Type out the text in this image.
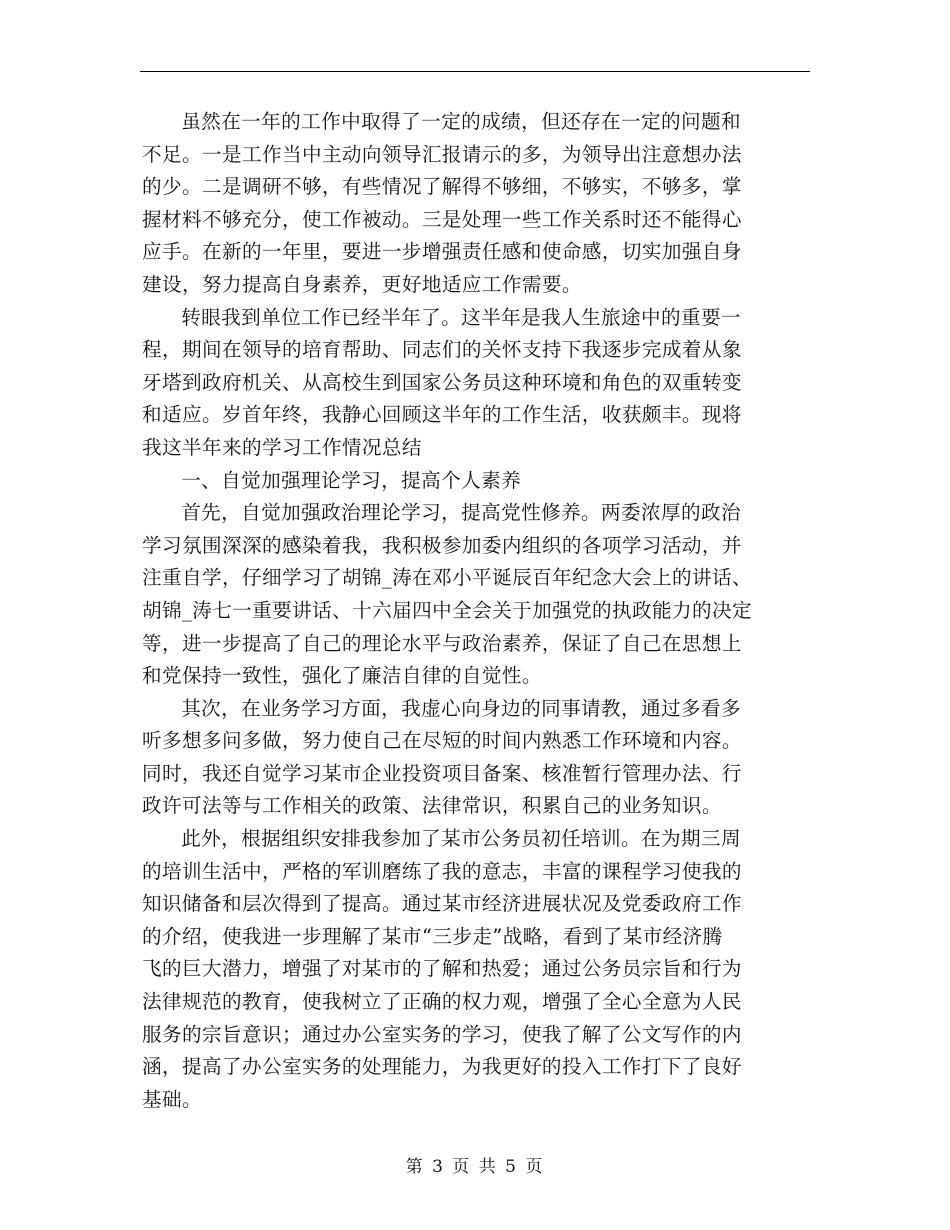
虽然在一年的工作中取得了一定的成绩，但还存在一定的问题和
不足。一是工作当中主动向领导汇报请示的多，为领导出注意想办法
的少。二是调研不够，有些情况了解得不够细，不够实，不够多，掌
握材料不够充分，使工作被动。三是处理一些工作关系时还不能得心
应手。在新的一年里，要进一步增强责任感和使命感，切实加强自身
建设，努力提高自身素养，更好地适应工作需要。

转眼我到单位工作已经半年了。这半年是我人生旅途中的重要一
程，期间在领导的培育帮助、同志们的关怀支持下我逐步完成着从象
牙塔到政府机关、从高校生到国家公务员这种环境和角色的双重转变
和适应。岁首年终，我静心回顾这半年的工作生活，收获颇丰。现将
我这半年来的学习工作情况总结

一、自觉加强理论学习，提高个人素养

首先，自觉加强政治理论学习，提高党性修养。两委浓厚的政治
学习氛围深深的感染着我，我积极参加委内组织的各项学习活动，并
注重自学，仔细学习了胡锦_涛在邓小平诞辰百年纪念大会上的讲话、
胡锦_涛七一重要讲话、十六届四中全会关于加强党的执政能力的决定
等，进一步提高了自己的理论水平与政治素养，保证了自己在思想上
和党保持一致性，强化了廉洁自律的自觉性。

其次，在业务学习方面，我虚心向身边的同事请教，通过多看多
听多想多问多做，努力使自己在尽短的时间内熟悉工作环境和内容。
同时，我还自觉学习某市企业投资项目备案、核准暂行管理办法、行
政许可法等与工作相关的政策、法律常识，积累自己的业务知识。

此外，根据组织安排我参加了某市公务员初任培训。在为期三周
的培训生活中，严格的军训磨练了我的意志，丰富的课程学习使我的
知识储备和层次得到了提高。通过某市经济进展状况及党委政府工作
的介绍，使我进一步理解了某市“三步走”战略，看到了某市经济腾
飞的巨大潜力，增强了对某市的了解和热爱；通过公务员宗旨和行为
法律规范的教育，使我树立了正确的权力观，增强了全心全意为人民
服务的宗旨意识；通过办公室实务的学习，使我了解了公文写作的内
涵，提高了办公室实务的处理能力，为我更好的投入工作打下了良好
基础。

第 3 页 共 5 页
